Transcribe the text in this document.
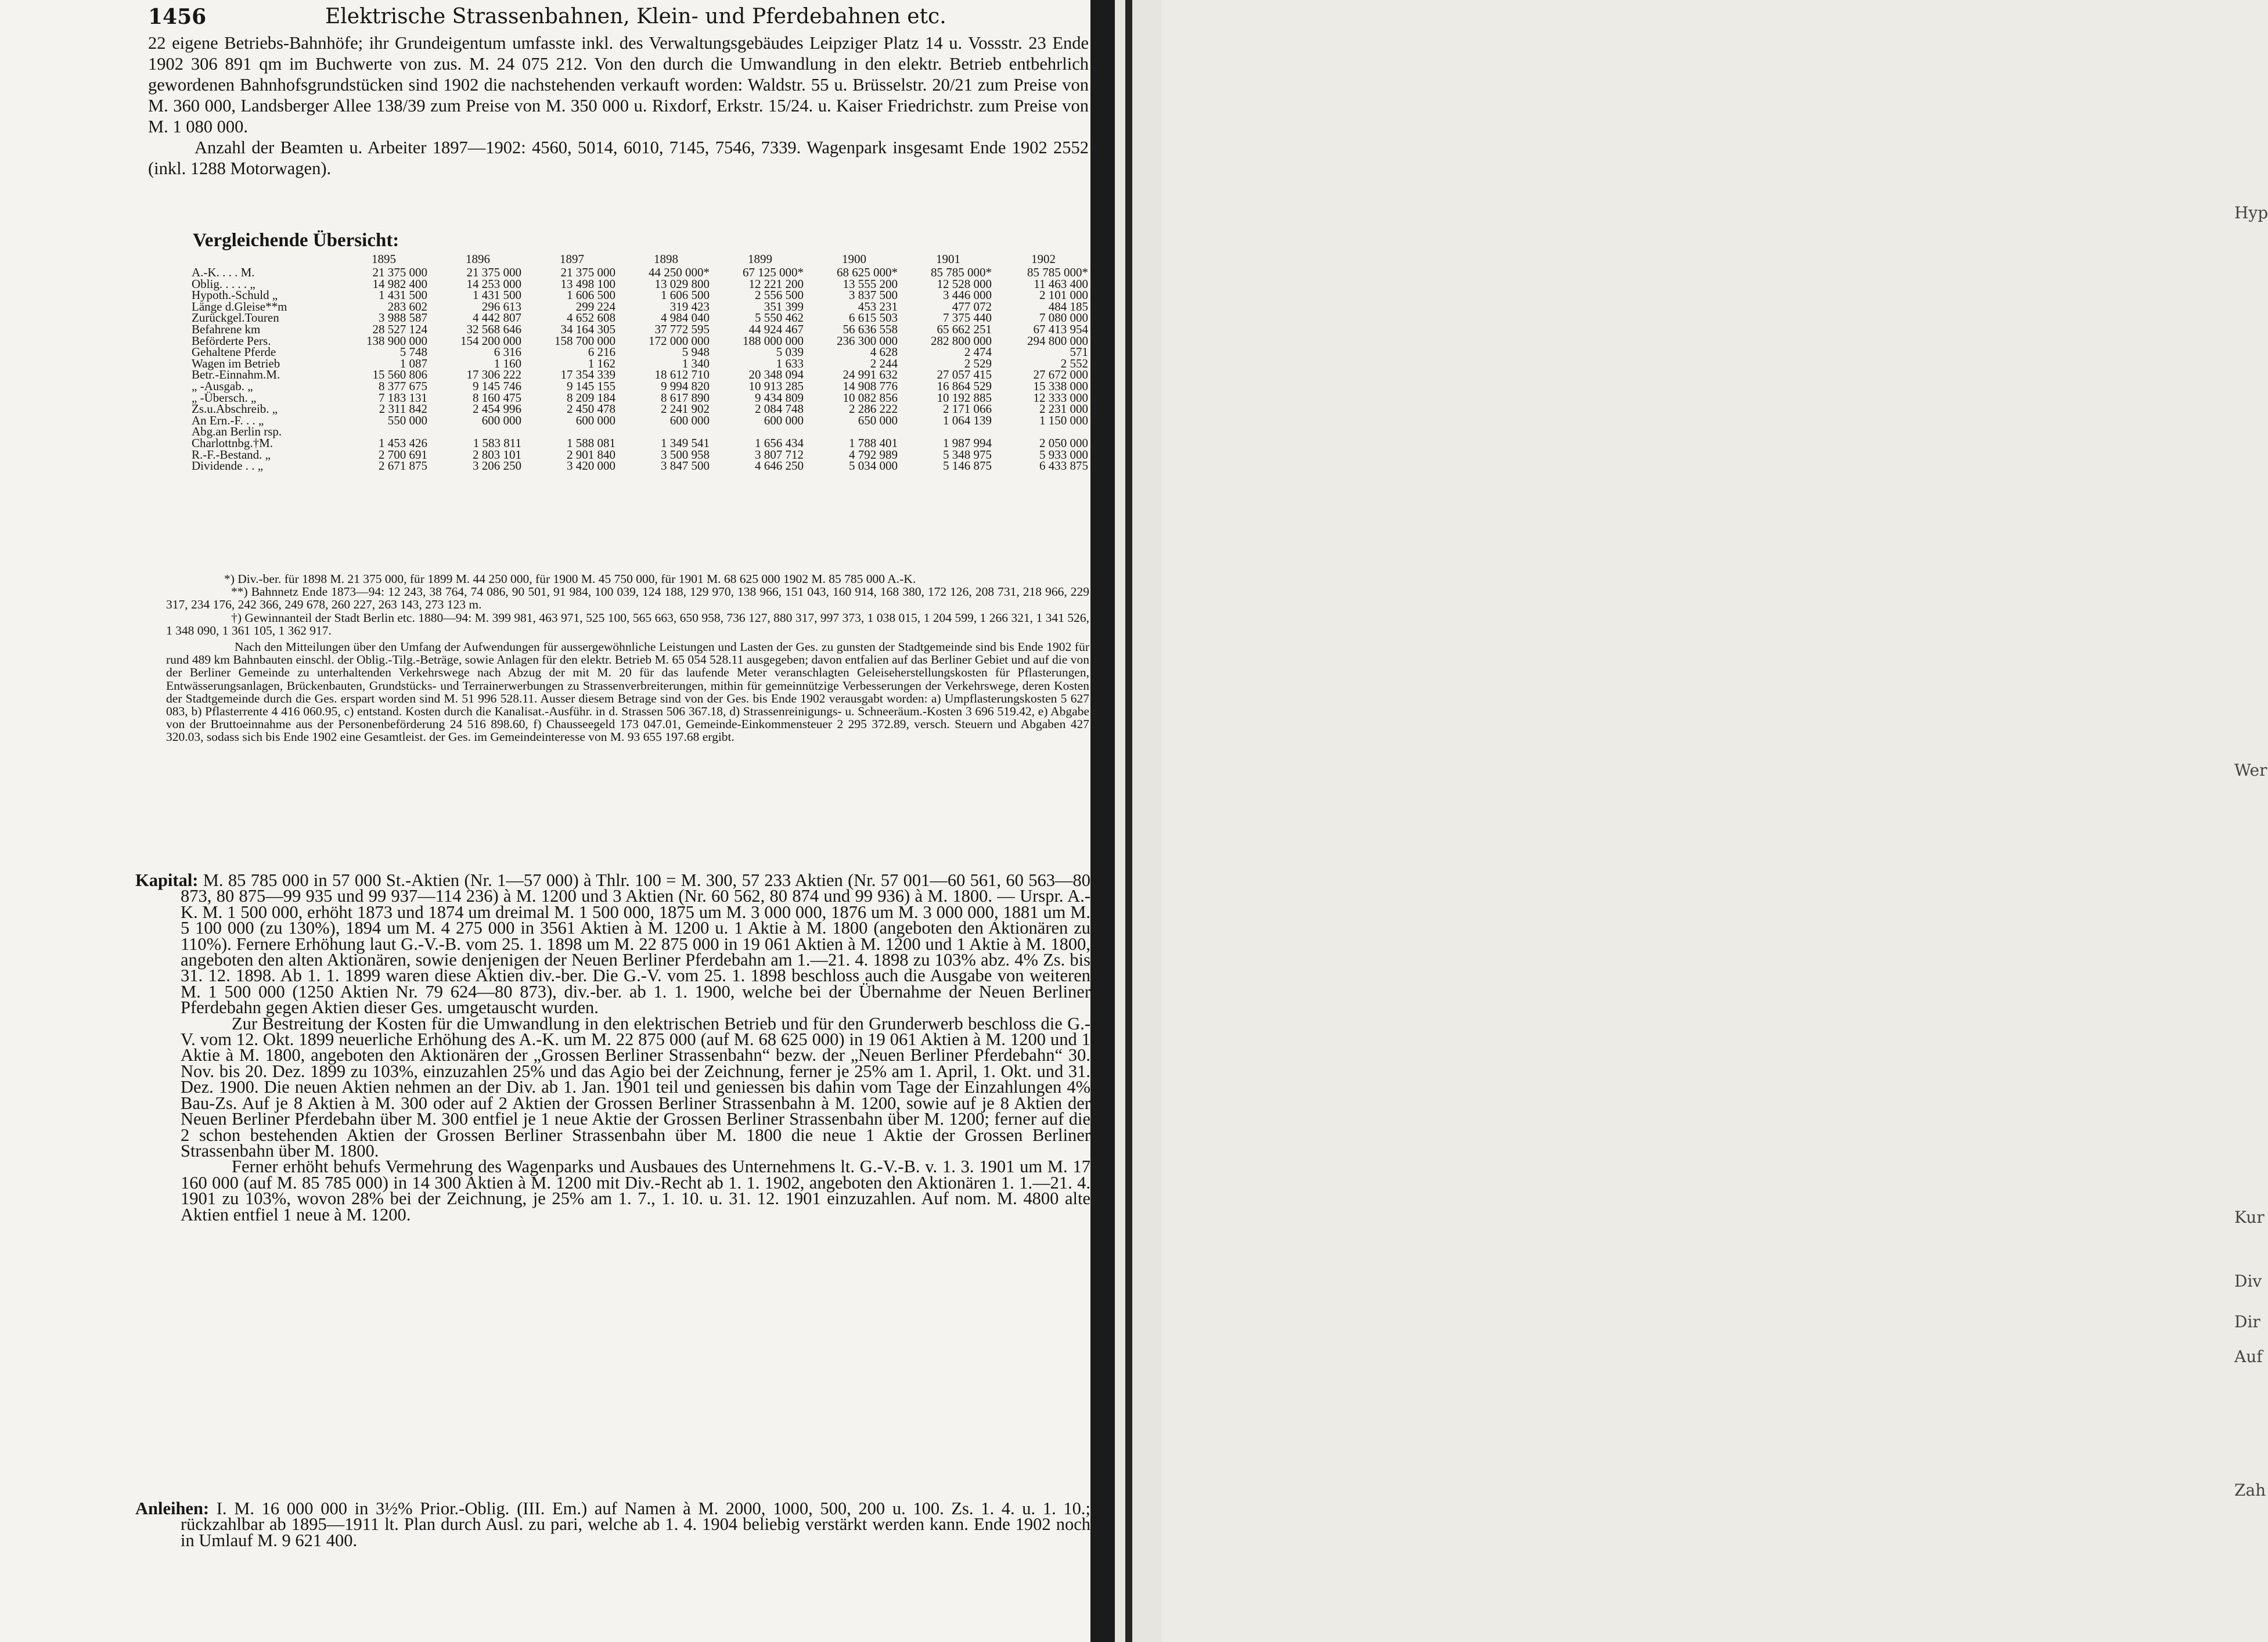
1456	Elektrische Strassenbahnen, Klein- und Pferdebahnen etc.

22 eigene Betriebs-Bahnhöfe; ihr Grundeigentum umfasste inkl. des Verwaltungsgebäudes Leipziger Platz 14 u. Vossstr. 23 Ende 1902 306 891 qm im Buchwerte von zus. M. 24 075 212. Von den durch die Umwandlung in den elektr. Betrieb entbehrlich gewordenen Bahnhofsgrundstücken sind 1902 die nachstehenden verkauft worden: Waldstr. 55 u. Brüsselstr. 20/21 zum Preise von M. 360 000, Landsberger Allee 138/39 zum Preise von M. 350 000 u. Rixdorf, Erkstr. 15/24. u. Kaiser Friedrichstr. zum Preise von M. 1 080 000.

Anzahl der Beamten u. Arbeiter 1897—1902: 4560, 5014, 6010, 7145, 7546, 7339. Wagenpark insgesamt Ende 1902 2552 (inkl. 1288 Motorwagen).

Vergleichende Übersicht:
	1895	1896	1897	1898	1899	1900	1901	1902
A.-K. . . . M.	21 375 000	21 375 000	21 375 000	44 250 000*	67 125 000*	68 625 000*	85 785 000*	85 785 000*
Oblig. . . . . „	14 982 400	14 253 000	13 498 100	13 029 800	12 221 200	13 555 200	12 528 000	11 463 400
Hypoth.-Schuld „	1 431 500	1 431 500	1 606 500	1 606 500	2 556 500	3 837 500	3 446 000	2 101 000
Länge d.Gleise**m	283 602	296 613	299 224	319 423	351 399	453 231	477 072	484 185
Zurückgel.Touren	3 988 587	4 442 807	4 652 608	4 984 040	5 550 462	6 615 503	7 375 440	7 080 000
Befahrene km	28 527 124	32 568 646	34 164 305	37 772 595	44 924 467	56 636 558	65 662 251	67 413 954
Beförderte Pers.	138 900 000	154 200 000	158 700 000	172 000 000	188 000 000	236 300 000	282 800 000	294 800 000
Gehaltene Pferde	5 748	6 316	6 216	5 948	5 039	4 628	2 474	571
Wagen im Betrieb	1 087	1 160	1 162	1 340	1 633	2 244	2 529	2 552
Betr.-Einnahm.M.	15 560 806	17 306 222	17 354 339	18 612 710	20 348 094	24 991 632	27 057 415	27 672 000
„ -Ausgab. „	8 377 675	9 145 746	9 145 155	9 994 820	10 913 285	14 908 776	16 864 529	15 338 000
„ -Übersch. „	7 183 131	8 160 475	8 209 184	8 617 890	9 434 809	10 082 856	10 192 885	12 333 000
Zs.u.Abschreib. „	2 311 842	2 454 996	2 450 478	2 241 902	2 084 748	2 286 222	2 171 066	2 231 000
An Ern.-F. . . „	550 000	600 000	600 000	600 000	600 000	650 000	1 064 139	1 150 000
Abg.an Berlin rsp.								
Charlottnbg.†M.	1 453 426	1 583 811	1 588 081	1 349 541	1 656 434	1 788 401	1 987 994	2 050 000
R.-F.-Bestand. „	2 700 691	2 803 101	2 901 840	3 500 958	3 807 712	4 792 989	5 348 975	5 933 000
Dividende . . „	2 671 875	3 206 250	3 420 000	3 847 500	4 646 250	5 034 000	5 146 875	6 433 875

*) Div.-ber. für 1898 M. 21 375 000, für 1899 M. 44 250 000, für 1900 M. 45 750 000, für 1901 M. 68 625 000 1902 M. 85 785 000 A.-K.

**) Bahnnetz Ende 1873—94: 12 243, 38 764, 74 086, 90 501, 91 984, 100 039, 124 188, 129 970, 138 966, 151 043, 160 914, 168 380, 172 126, 208 731, 218 966, 229 317, 234 176, 242 366, 249 678, 260 227, 263 143, 273 123 m.

†) Gewinnanteil der Stadt Berlin etc. 1880—94: M. 399 981, 463 971, 525 100, 565 663, 650 958, 736 127, 880 317, 997 373, 1 038 015, 1 204 599, 1 266 321, 1 341 526, 1 348 090, 1 361 105, 1 362 917.

Nach den Mitteilungen über den Umfang der Aufwendungen für aussergewöhnliche Leistungen und Lasten der Ges. zu gunsten der Stadtgemeinde sind bis Ende 1902 für rund 489 km Bahnbauten einschl. der Oblig.-Tilg.-Beträge, sowie Anlagen für den elektr. Betrieb M. 65 054 528.11 ausgegeben; davon entfalien auf das Berliner Gebiet und auf die von der Berliner Gemeinde zu unterhaltenden Verkehrswege nach Abzug der mit M. 20 für das laufende Meter veranschlagten Geleiseherstellungskosten für Pflasterungen, Entwässerungsanlagen, Brückenbauten, Grundstücks- und Terrainerwerbungen zu Strassenverbreiterungen, mithin für gemeinnützige Verbesserungen der Verkehrswege, deren Kosten der Stadtgemeinde durch die Ges. erspart worden sind M. 51 996 528.11. Ausser diesem Betrage sind von der Ges. bis Ende 1902 verausgabt worden: a) Umpflasterungskosten 5 627 083, b) Pflasterrente 4 416 060.95, c) entstand. Kosten durch die Kanalisat.-Ausführ. in d. Strassen 506 367.18, d) Strassenreinigungs- u. Schneeräum.-Kosten 3 696 519.42, e) Abgabe von der Bruttoeinnahme aus der Personenbeförderung 24 516 898.60, f) Chausseegeld 173 047.01, Gemeinde-Einkommensteuer 2 295 372.89, versch. Steuern und Abgaben 427 320.03, sodass sich bis Ende 1902 eine Gesamtleist. der Ges. im Gemeindeinteresse von M. 93 655 197.68 ergibt.

Kapital: M. 85 785 000 in 57 000 St.-Aktien (Nr. 1—57 000) à Thlr. 100 = M. 300, 57 233 Aktien (Nr. 57 001—60 561, 60 563—80 873, 80 875—99 935 und 99 937—114 236) à M. 1200 und 3 Aktien (Nr. 60 562, 80 874 und 99 936) à M. 1800. — Urspr. A.-K. M. 1 500 000, erhöht 1873 und 1874 um dreimal M. 1 500 000, 1875 um M. 3 000 000, 1876 um M. 3 000 000, 1881 um M. 5 100 000 (zu 130%), 1894 um M. 4 275 000 in 3561 Aktien à M. 1200 u. 1 Aktie à M. 1800 (angeboten den Aktionären zu 110%). Fernere Erhöhung laut G.-V.-B. vom 25. 1. 1898 um M. 22 875 000 in 19 061 Aktien à M. 1200 und 1 Aktie à M. 1800, angeboten den alten Aktionären, sowie denjenigen der Neuen Berliner Pferdebahn am 1.—21. 4. 1898 zu 103% abz. 4% Zs. bis 31. 12. 1898. Ab 1. 1. 1899 waren diese Aktien div.-ber. Die G.-V. vom 25. 1. 1898 beschloss auch die Ausgabe von weiteren M. 1 500 000 (1250 Aktien Nr. 79 624—80 873), div.-ber. ab 1. 1. 1900, welche bei der Übernahme der Neuen Berliner Pferdebahn gegen Aktien dieser Ges. umgetauscht wurden.

Zur Bestreitung der Kosten für die Umwandlung in den elektrischen Betrieb und für den Grunderwerb beschloss die G.-V. vom 12. Okt. 1899 neuerliche Erhöhung des A.-K. um M. 22 875 000 (auf M. 68 625 000) in 19 061 Aktien à M. 1200 und 1 Aktie à M. 1800, angeboten den Aktionären der „Grossen Berliner Strassenbahn“ bezw. der „Neuen Berliner Pferdebahn“ 30. Nov. bis 20. Dez. 1899 zu 103%, einzuzahlen 25% und das Agio bei der Zeichnung, ferner je 25% am 1. April, 1. Okt. und 31. Dez. 1900. Die neuen Aktien nehmen an der Div. ab 1. Jan. 1901 teil und geniessen bis dahin vom Tage der Einzahlungen 4% Bau-Zs. Auf je 8 Aktien à M. 300 oder auf 2 Aktien der Grossen Berliner Strassenbahn à M. 1200, sowie auf je 8 Aktien der Neuen Berliner Pferdebahn über M. 300 entfiel je 1 neue Aktie der Grossen Berliner Strassenbahn über M. 1200; ferner auf die 2 schon bestehenden Aktien der Grossen Berliner Strassenbahn über M. 1800 die neue 1 Aktie der Grossen Berliner Strassenbahn über M. 1800.

Ferner erhöht behufs Vermehrung des Wagenparks und Ausbaues des Unternehmens lt. G.-V.-B. v. 1. 3. 1901 um M. 17 160 000 (auf M. 85 785 000) in 14 300 Aktien à M. 1200 mit Div.-Recht ab 1. 1. 1902, angeboten den Aktionären 1. 1.—21. 4. 1901 zu 103%, wovon 28% bei der Zeichnung, je 25% am 1. 7., 1. 10. u. 31. 12. 1901 einzuzahlen. Auf nom. M. 4800 alte Aktien entfiel 1 neue à M. 1200.

Anleihen: I. M. 16 000 000 in 3½% Prior.-Oblig. (III. Em.) auf Namen à M. 2000, 1000, 500, 200 u. 100. Zs. 1. 4. u. 1. 10.; rückzahlbar ab 1895—1911 lt. Plan durch Ausl. zu pari, welche ab 1. 4. 1904 beliebig verstärkt werden kann. Ende 1902 noch in Umlauf M. 9 621 400.

Hyp
Wer
Kur
Div
Dir
Auf
Zah
